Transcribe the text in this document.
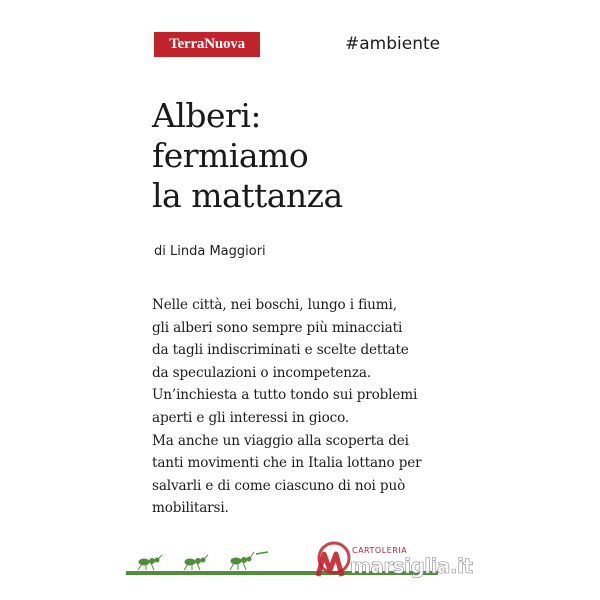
TerraNuova	#ambiente
Alberi:
fermiamo
la mattanza
di Linda Maggiori
Nelle città, nei boschi, lungo i fiumi,
gli alberi sono sempre più minacciati
da tagli indiscriminati e scelte dettate
da speculazioni o incompetenza.
Un’inchiesta a tutto tondo sui problemi
aperti e gli interessi in gioco.
Ma anche un viaggio alla scoperta dei
tanti movimenti che in Italia lottano per
salvarli e di come ciascuno di noi può
mobilitarsi.
CARTOLERIA
marsiglia.it
